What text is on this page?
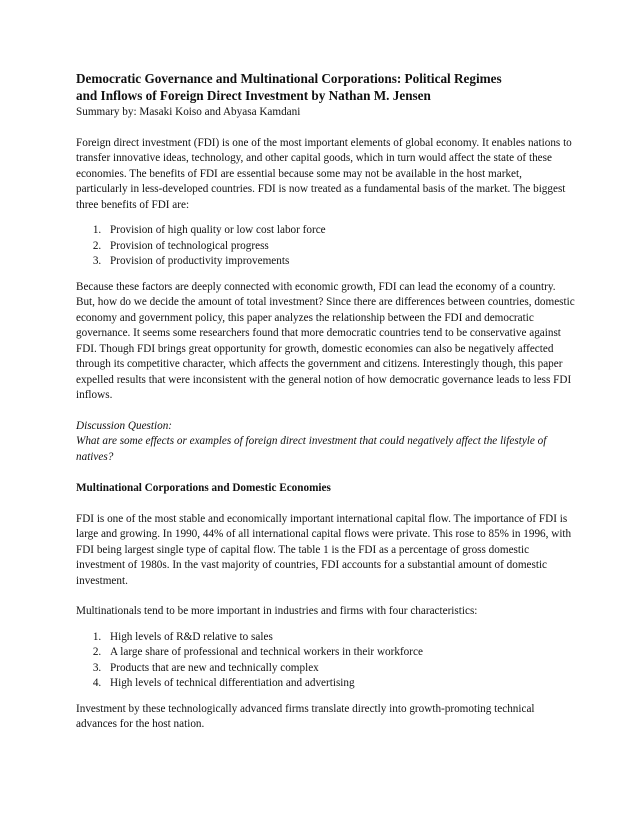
Democratic Governance and Multinational Corporations: Political Regimes
and Inflows of Foreign Direct Investment by Nathan M. Jensen

Summary by: Masaki Koiso and Abyasa Kamdani

Foreign direct investment (FDI) is one of the most important elements of global economy. It enables nations to transfer innovative ideas, technology, and other capital goods, which in turn would affect the state of these economies. The benefits of FDI are essential because some may not be available in the host market, particularly in less-developed countries. FDI is now treated as a fundamental basis of the market. The biggest three benefits of FDI are:

1. Provision of high quality or low cost labor force
2. Provision of technological progress
3. Provision of productivity improvements

Because these factors are deeply connected with economic growth, FDI can lead the economy of a country. But, how do we decide the amount of total investment? Since there are differences between countries, domestic economy and government policy, this paper analyzes the relationship between the FDI and democratic governance. It seems some researchers found that more democratic countries tend to be conservative against FDI. Though FDI brings great opportunity for growth, domestic economies can also be negatively affected through its competitive character, which affects the government and citizens. Interestingly though, this paper expelled results that were inconsistent with the general notion of how democratic governance leads to less FDI inflows.

Discussion Question:
What are some effects or examples of foreign direct investment that could negatively affect the lifestyle of natives?

Multinational Corporations and Domestic Economies

FDI is one of the most stable and economically important international capital flow. The importance of FDI is large and growing. In 1990, 44% of all international capital flows were private. This rose to 85% in 1996, with FDI being largest single type of capital flow. The table 1 is the FDI as a percentage of gross domestic investment of 1980s. In the vast majority of countries, FDI accounts for a substantial amount of domestic investment.

Multinationals tend to be more important in industries and firms with four characteristics:

1. High levels of R&D relative to sales
2. A large share of professional and technical workers in their workforce
3. Products that are new and technically complex
4. High levels of technical differentiation and advertising

Investment by these technologically advanced firms translate directly into growth-promoting technical advances for the host nation.
